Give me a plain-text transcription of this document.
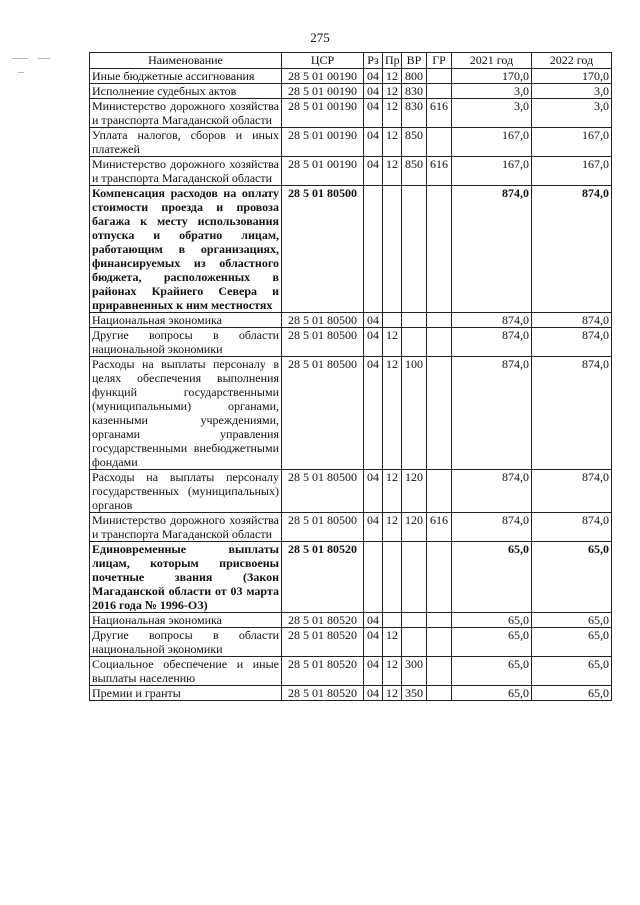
275
Наименование	ЦСР	Рз	Пр	ВР	ГР	2021 год	2022 год
Иные бюджетные ассигнования	28 5 01 00190	04	12	800		170,0	170,0
Исполнение судебных актов	28 5 01 00190	04	12	830		3,0	3,0
Министерство дорожного хозяйства и транспорта Магаданской области	28 5 01 00190	04	12	830	616	3,0	3,0
Уплата налогов, сборов и иных платежей	28 5 01 00190	04	12	850		167,0	167,0
Министерство дорожного хозяйства и транспорта Магаданской области	28 5 01 00190	04	12	850	616	167,0	167,0
Компенсация расходов на оплату стоимости проезда и провоза багажа к месту использования отпуска и обратно лицам, работающим в организациях, финансируемых из областного бюджета, расположенных в районах Крайнего Севера и приравненных к ним местностях	28 5 01 80500					874,0	874,0
Национальная экономика	28 5 01 80500	04				874,0	874,0
Другие вопросы в области национальной экономики	28 5 01 80500	04	12			874,0	874,0
Расходы на выплаты персоналу в целях обеспечения выполнения функций государственными (муниципальными) органами, казенными учреждениями, органами управления государственными внебюджетными фондами	28 5 01 80500	04	12	100		874,0	874,0
Расходы на выплаты персоналу государственных (муниципальных) органов	28 5 01 80500	04	12	120		874,0	874,0
Министерство дорожного хозяйства и транспорта Магаданской области	28 5 01 80500	04	12	120	616	874,0	874,0
Единовременные выплаты лицам, которым присвоены почетные звания (Закон Магаданской области от 03 марта 2016 года № 1996-ОЗ)	28 5 01 80520					65,0	65,0
Национальная экономика	28 5 01 80520	04				65,0	65,0
Другие вопросы в области национальной экономики	28 5 01 80520	04	12			65,0	65,0
Социальное обеспечение и иные выплаты населению	28 5 01 80520	04	12	300		65,0	65,0
Премии и гранты	28 5 01 80520	04	12	350		65,0	65,0
